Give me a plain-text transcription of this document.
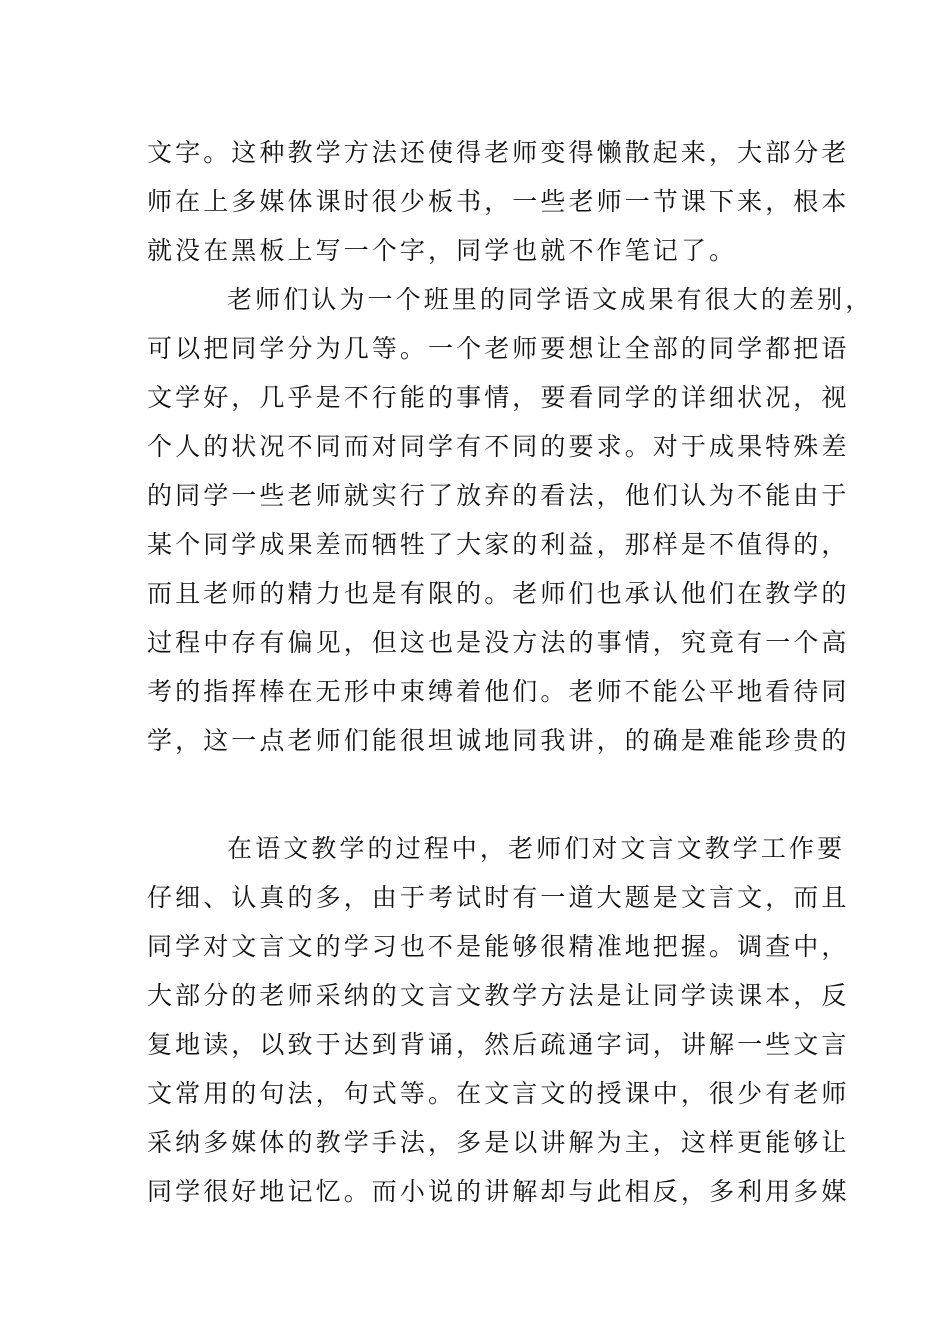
文字。这种教学方法还使得老师变得懒散起来，大部分老
师在上多媒体课时很少板书，一些老师一节课下来，根本
就没在黑板上写一个字，同学也就不作笔记了。
老师们认为一个班里的同学语文成果有很大的差别，
可以把同学分为几等。一个老师要想让全部的同学都把语
文学好，几乎是不行能的事情，要看同学的详细状况，视
个人的状况不同而对同学有不同的要求。对于成果特殊差
的同学一些老师就实行了放弃的看法，他们认为不能由于
某个同学成果差而牺牲了大家的利益，那样是不值得的，
而且老师的精力也是有限的。老师们也承认他们在教学的
过程中存有偏见，但这也是没方法的事情，究竟有一个高
考的指挥棒在无形中束缚着他们。老师不能公平地看待同
学，这一点老师们能很坦诚地同我讲，的确是难能珍贵的
在语文教学的过程中，老师们对文言文教学工作要
仔细、认真的多，由于考试时有一道大题是文言文，而且
同学对文言文的学习也不是能够很精准地把握。调查中，
大部分的老师采纳的文言文教学方法是让同学读课本，反
复地读，以致于达到背诵，然后疏通字词，讲解一些文言
文常用的句法，句式等。在文言文的授课中，很少有老师
采纳多媒体的教学手法，多是以讲解为主，这样更能够让
同学很好地记忆。而小说的讲解却与此相反，多利用多媒
